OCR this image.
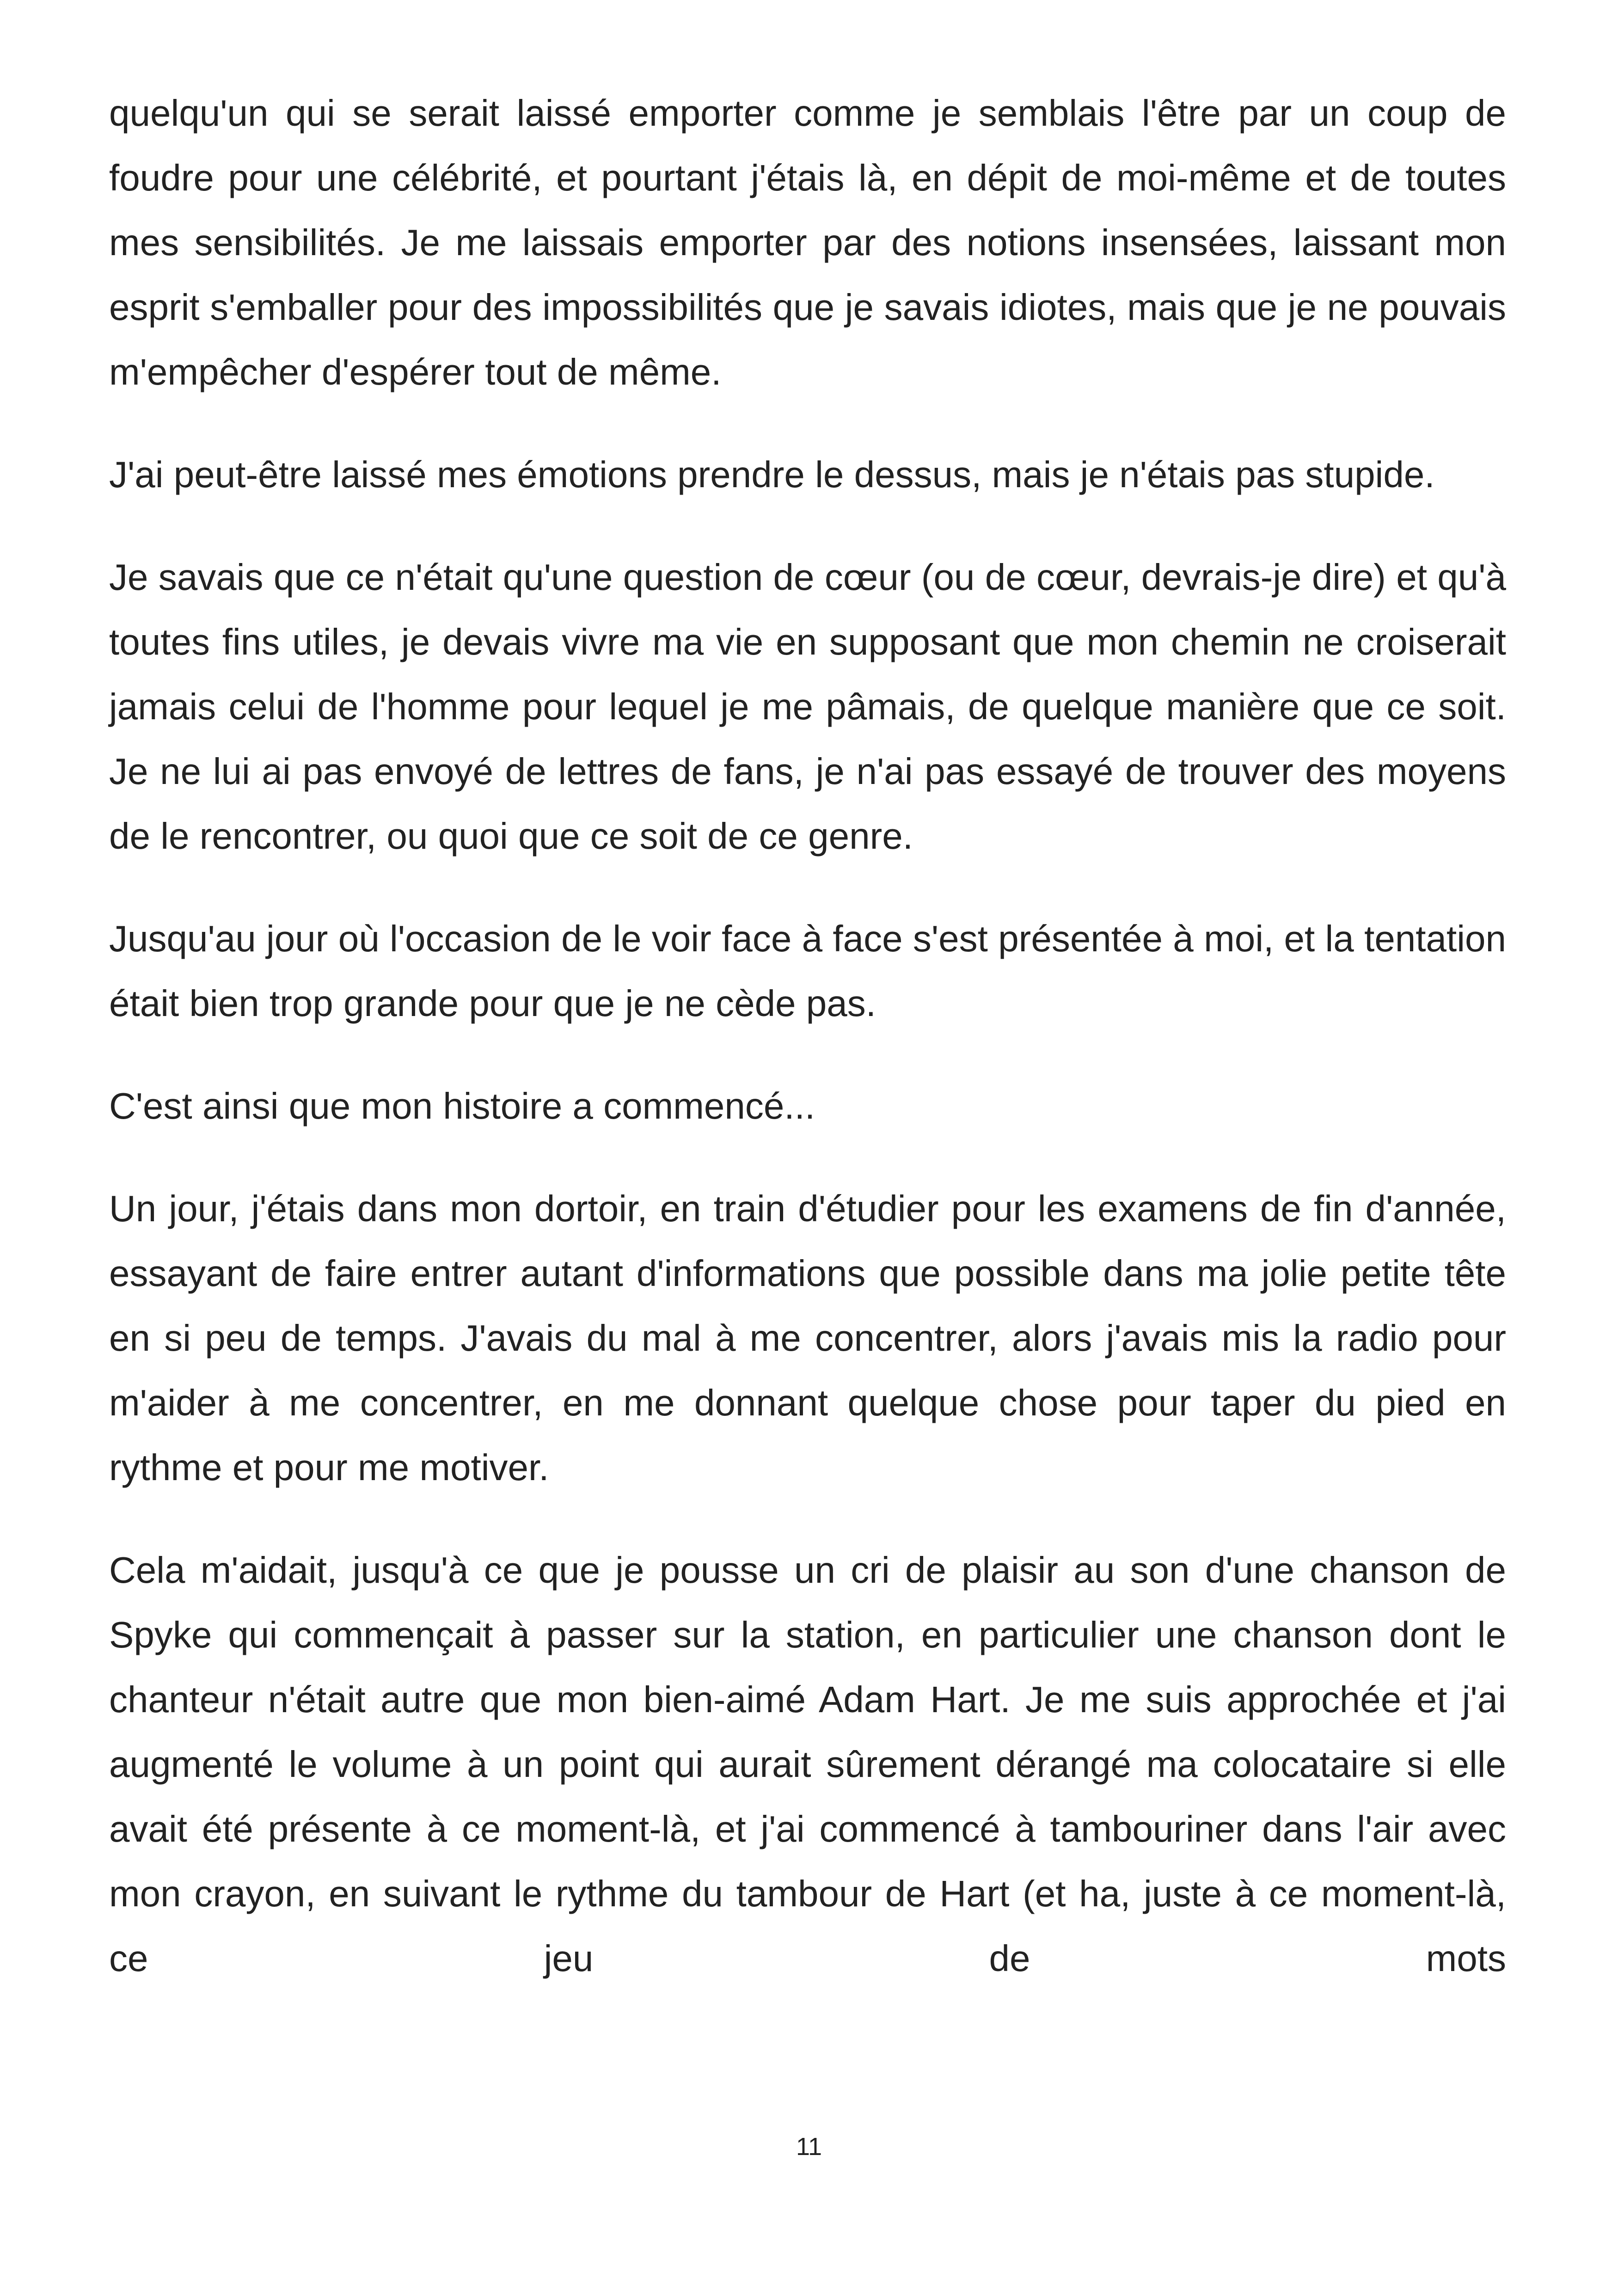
quelqu'un qui se serait laissé emporter comme je semblais l'être par un coup de foudre pour une célébrité, et pourtant j'étais là, en dépit de moi-même et de toutes mes sensibilités. Je me laissais emporter par des notions insensées, laissant mon esprit s'emballer pour des impossibilités que je savais idiotes, mais que je ne pouvais m'empêcher d'espérer tout de même.

J'ai peut-être laissé mes émotions prendre le dessus, mais je n'étais pas stupide.

Je savais que ce n'était qu'une question de cœur (ou de cœur, devrais-je dire) et qu'à toutes fins utiles, je devais vivre ma vie en supposant que mon chemin ne croiserait jamais celui de l'homme pour lequel je me pâmais, de quelque manière que ce soit. Je ne lui ai pas envoyé de lettres de fans, je n'ai pas essayé de trouver des moyens de le rencontrer, ou quoi que ce soit de ce genre.

Jusqu'au jour où l'occasion de le voir face à face s'est présentée à moi, et la tentation était bien trop grande pour que je ne cède pas.

C'est ainsi que mon histoire a commencé...

Un jour, j'étais dans mon dortoir, en train d'étudier pour les examens de fin d'année, essayant de faire entrer autant d'informations que possible dans ma jolie petite tête en si peu de temps. J'avais du mal à me concentrer, alors j'avais mis la radio pour m'aider à me concentrer, en me donnant quelque chose pour taper du pied en rythme et pour me motiver.

Cela m'aidait, jusqu'à ce que je pousse un cri de plaisir au son d'une chanson de Spyke qui commençait à passer sur la station, en particulier une chanson dont le chanteur n'était autre que mon bien-aimé Adam Hart. Je me suis approchée et j'ai augmenté le volume à un point qui aurait sûrement dérangé ma colocataire si elle avait été présente à ce moment-là, et j'ai commencé à tambouriner dans l'air avec mon crayon, en suivant le rythme du tambour de Hart (et ha, juste à ce moment-là, ce jeu de mots

11
